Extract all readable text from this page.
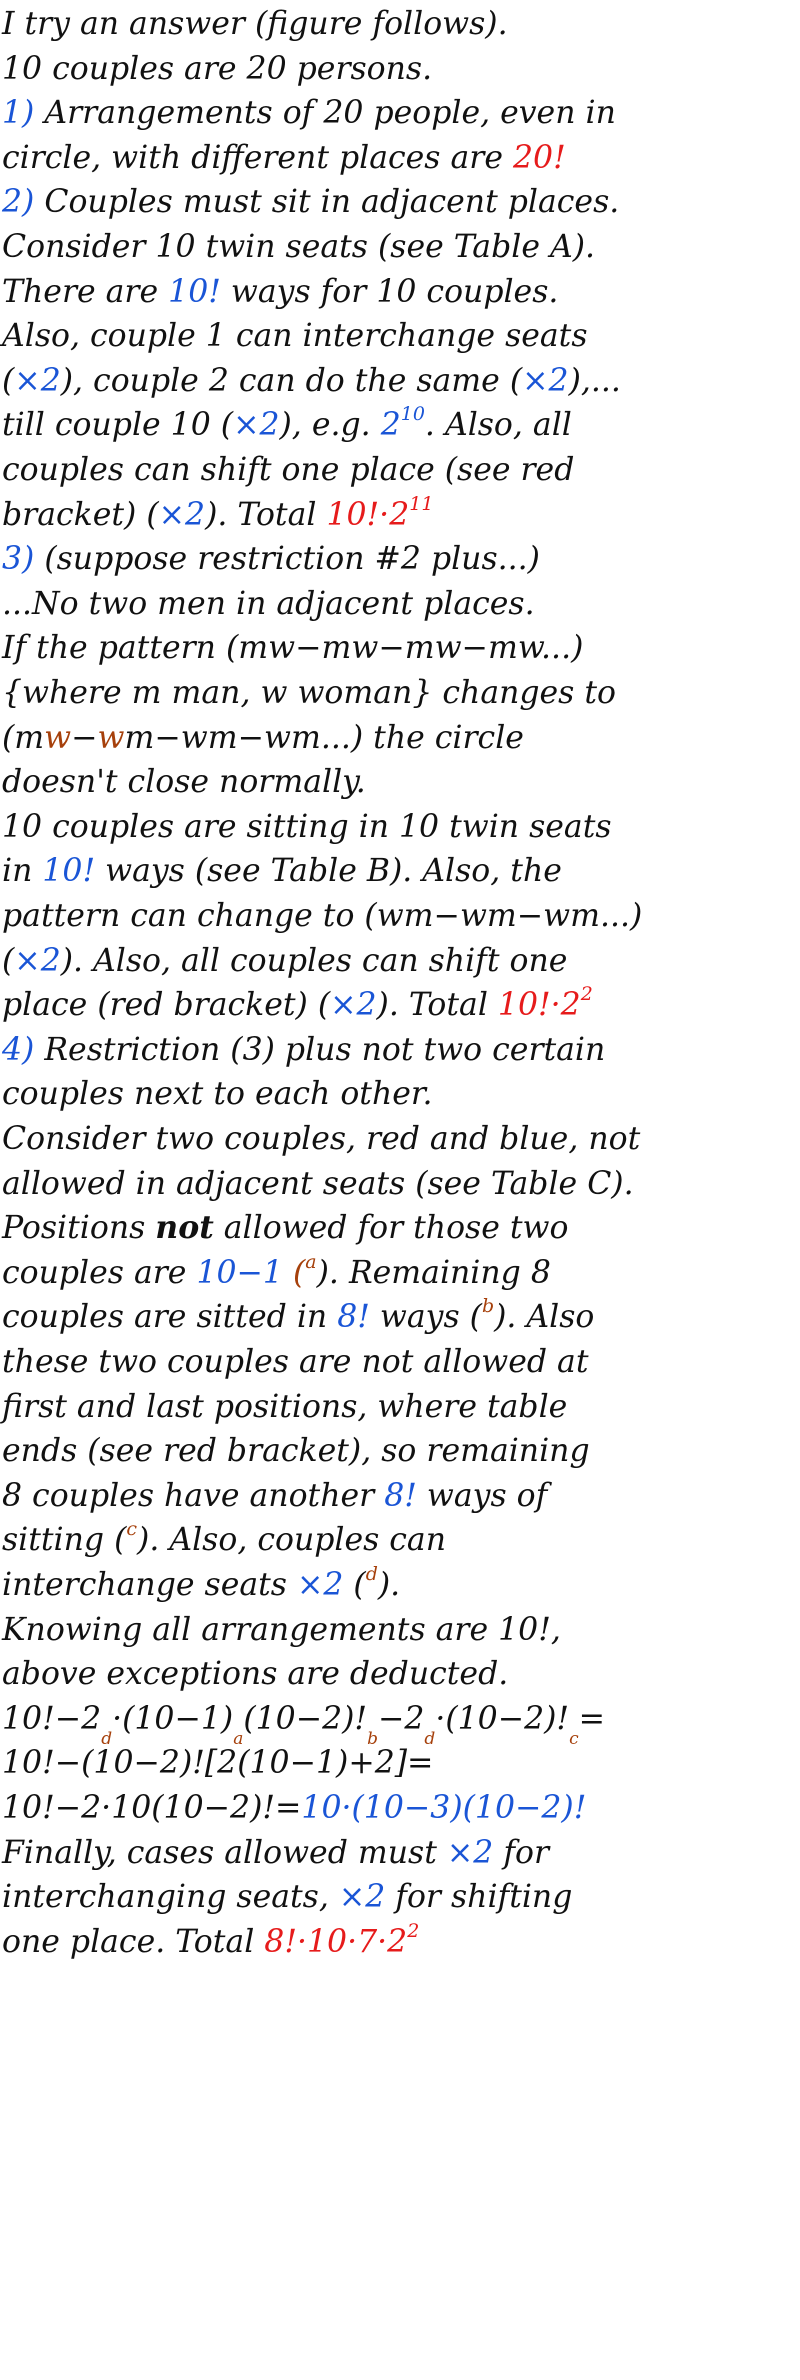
I try an answer (figure follows).
10 couples are 20 persons.
1) Arrangements of 20 people, even in
circle, with different places are 20!
2) Couples must sit in adjacent places.
Consider 10 twin seats (see Table A).
There are 10! ways for 10 couples.
Also, couple 1 can interchange seats
(×2), couple 2 can do the same (×2),...
till couple 10 (×2), e.g. $2^{10}$. Also, all
couples can shift one place (see red
bracket) (×2). Total $10!\cdot 2^{11}$
3) (suppose restriction #2 plus...)
...No two men in adjacent places.
If the pattern (mw−mw−mw−mw...)
{where m man, w woman} changes to
(mw−wm−wm−wm...) the circle
doesn't close normally.
10 couples are sitting in 10 twin seats
in 10! ways (see Table B). Also, the
pattern can change to (wm−wm−wm...)
(×2). Also, all couples can shift one
place (red bracket) (×2). Total $10!\cdot 2^2$
4) Restriction (3) plus not two certain
couples next to each other.
Consider two couples, red and blue, not
allowed in adjacent seats (see Table C).
Positions not allowed for those two
couples are 10−1 ($^a$). Remaining 8
couples are sitted in 8! ways ($^b$). Also
these two couples are not allowed at
first and last positions, where table
ends (see red bracket), so remaining
8 couples have another 8! ways of
sitting ($^c$). Also, couples can
interchange seats ×2 ($^d$).
Knowing all arrangements are 10!,
above exceptions are deducted.
$10!-2_d\cdot(10-1)_a(10-2)!_b-2_d\cdot(10-2)!_c=$
10!−(10−2)![2(10−1)+2]=
10!−2·10(10−2)!=10·(10−3)(10−2)!
Finally, cases allowed must ×2 for
interchanging seats, ×2 for shifting
one place. Total $8!\cdot 10\cdot 7\cdot 2^2$
